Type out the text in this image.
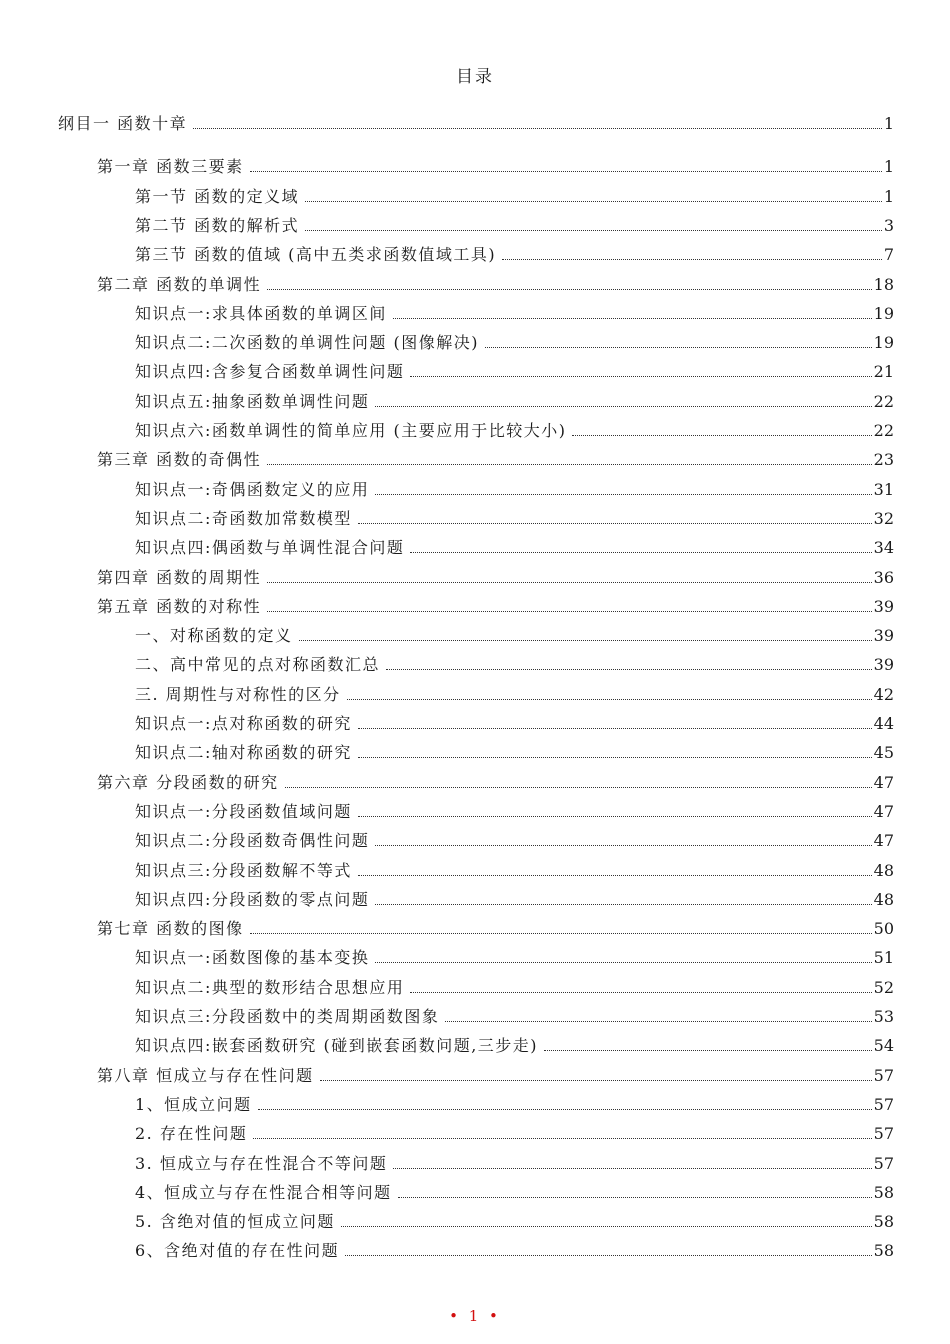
目录
纲目一 函数十章	1
第一章 函数三要素	1
第一节 函数的定义域	1
第二节 函数的解析式	3
第三节 函数的值域 (高中五类求函数值域工具)	7
第二章 函数的单调性	18
知识点一:求具体函数的单调区间	19
知识点二:二次函数的单调性问题 (图像解决)	19
知识点四:含参复合函数单调性问题	21
知识点五:抽象函数单调性问题	22
知识点六:函数单调性的简单应用 (主要应用于比较大小)	22
第三章 函数的奇偶性	23
知识点一:奇偶函数定义的应用	31
知识点二:奇函数加常数模型	32
知识点四:偶函数与单调性混合问题	34
第四章 函数的周期性	36
第五章 函数的对称性	39
一、对称函数的定义	39
二、高中常见的点对称函数汇总	39
三. 周期性与对称性的区分	42
知识点一:点对称函数的研究	44
知识点二:轴对称函数的研究	45
第六章 分段函数的研究	47
知识点一:分段函数值域问题	47
知识点二:分段函数奇偶性问题	47
知识点三:分段函数解不等式	48
知识点四:分段函数的零点问题	48
第七章 函数的图像	50
知识点一:函数图像的基本变换	51
知识点二:典型的数形结合思想应用	52
知识点三:分段函数中的类周期函数图象	53
知识点四:嵌套函数研究 (碰到嵌套函数问题,三步走)	54
第八章 恒成立与存在性问题	57
1、恒成立问题	57
2. 存在性问题	57
3. 恒成立与存在性混合不等问题	57
4、恒成立与存在性混合相等问题	58
5. 含绝对值的恒成立问题	58
6、含绝对值的存在性问题	58
• 1 •
